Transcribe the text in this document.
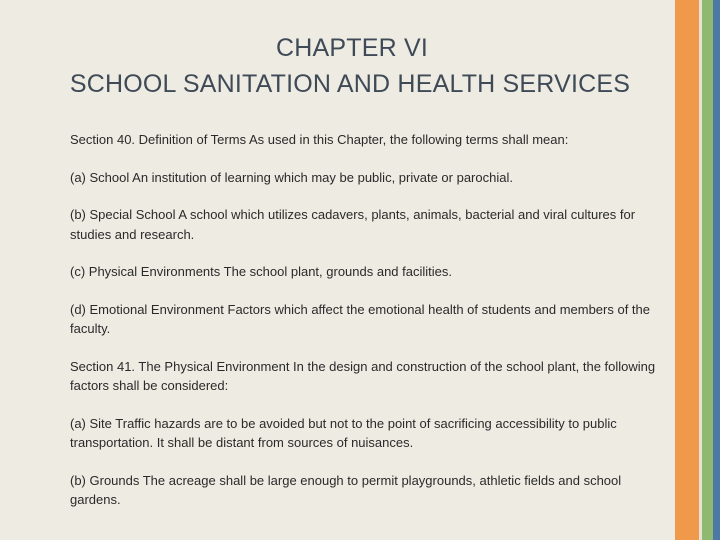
CHAPTER VI
SCHOOL SANITATION AND HEALTH SERVICES

Section 40. Definition of Terms As used in this Chapter, the following terms shall mean:

(a) School An institution of learning which may be public, private or parochial.

(b) Special School A school which utilizes cadavers, plants, animals, bacterial and viral cultures for studies and research.

(c) Physical Environments The school plant, grounds and facilities.

(d) Emotional Environment Factors which affect the emotional health of students and members of the faculty.

Section 41. The Physical Environment In the design and construction of the school plant, the following factors shall be considered:

(a) Site Traffic hazards are to be avoided but not to the point of sacrificing accessibility to public transportation. It shall be distant from sources of nuisances.

(b) Grounds The acreage shall be large enough to permit playgrounds, athletic fields and school gardens.
